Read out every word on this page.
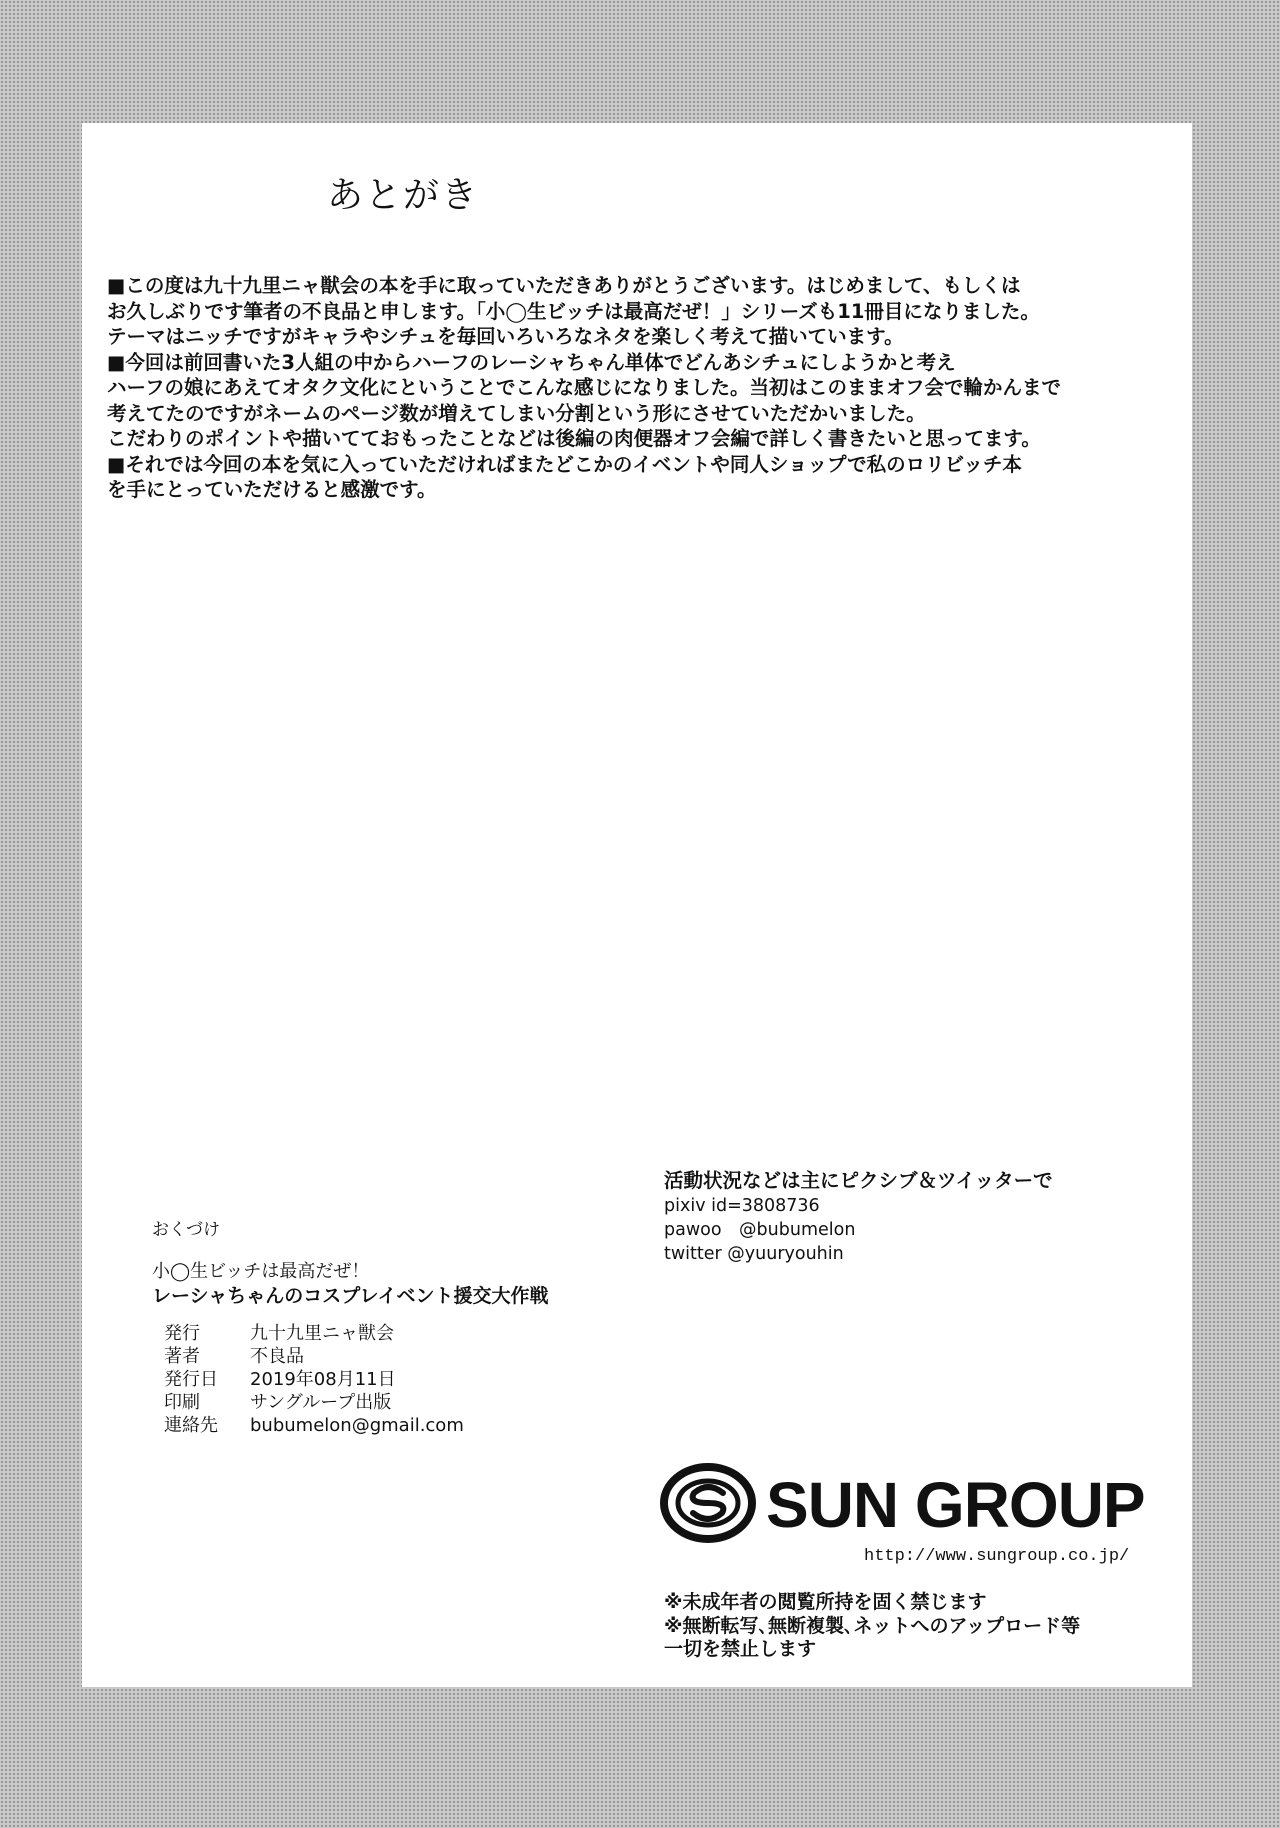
あとがき

■この度は九十九里ニャ獣会の本を手に取っていただきありがとうございます。はじめまして、もしくは

お久しぶりです筆者の不良品と申します。「小◯生ビッチは最高だぜ！」シリーズも11冊目になりました。

テーマはニッチですがキャラやシチュを毎回いろいろなネタを楽しく考えて描いています。

■今回は前回書いた3人組の中からハーフのレーシャちゃん単体でどんあシチュにしようかと考え

ハーフの娘にあえてオタク文化にということでこんな感じになりました。当初はこのままオフ会で輪かんまで

考えてたのですがネームのページ数が増えてしまい分割という形にさせていただかいました。

こだわりのポイントや描いてておもったことなどは後編の肉便器オフ会編で詳しく書きたいと思ってます。

■それでは今回の本を気に入っていただければまたどこかのイベントや同人ショップで私のロリビッチ本

を手にとっていただけると感激です。

活動状況などは主にピクシブ＆ツイッターで
pixiv id=3808736
pawoo　@bubumelon
twitter @yuuryouhin
おくづけ
小◯生ビッチは最高だぜ！
レーシャちゃんのコスプレイベント援交大作戦
発行	九十九里ニャ獣会
著者	不良品
発行日	2019年08月11日
印刷	サングループ出版
連絡先	bubumelon@gmail.com
SUN GROUP
http://www.sungroup.co.jp/
※未成年者の閲覧所持を固く禁じます
※無断転写､無断複製､ネットへのアップロード等
一切を禁止します
